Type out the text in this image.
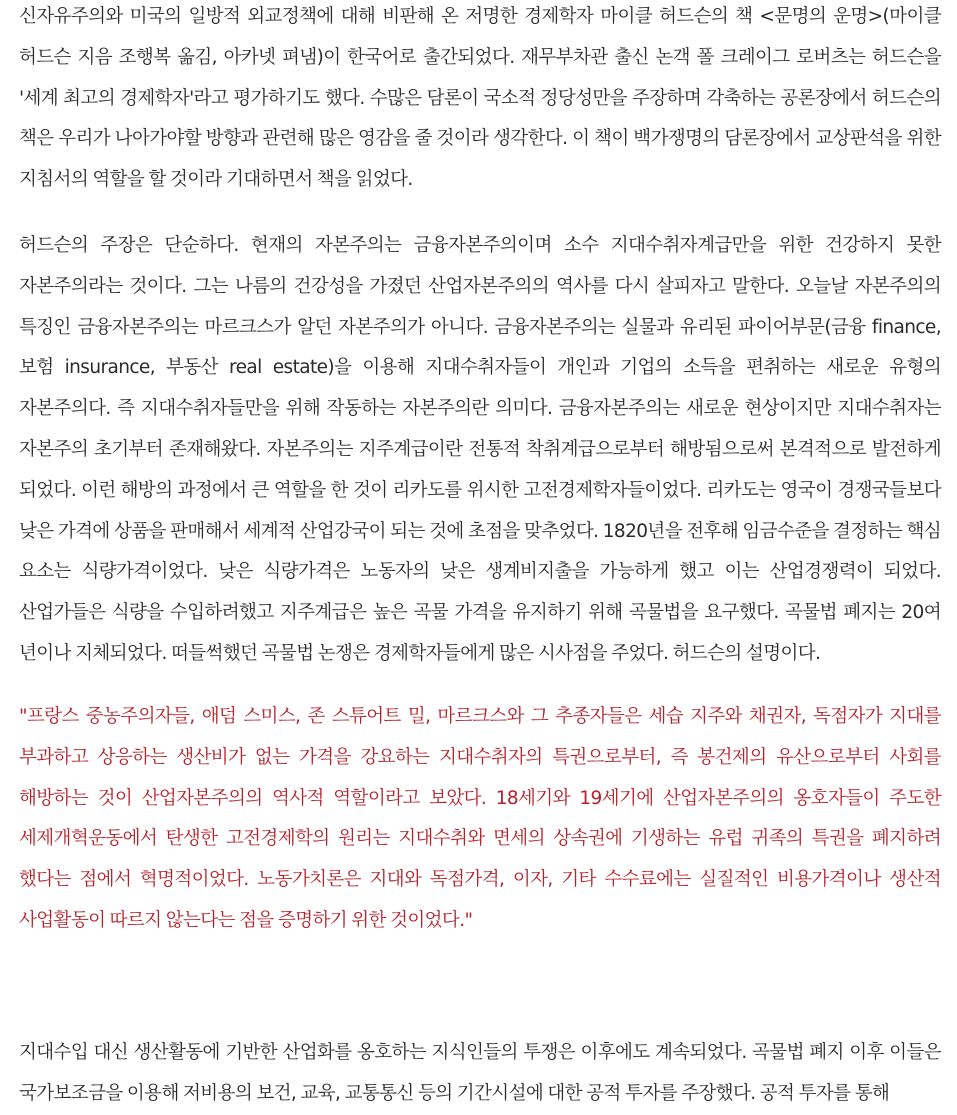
신자유주의와 미국의 일방적 외교정책에 대해 비판해 온 저명한 경제학자 마이클 허드슨의 책 <문명의 운명>(마이클 허드슨 지음 조행복 옮김, 아카넷 펴냄)이 한국어로 출간되었다. 재무부차관 출신 논객 폴 크레이그 로버츠는 허드슨을 '세계 최고의 경제학자'라고 평가하기도 했다. 수많은 담론이 국소적 정당성만을 주장하며 각축하는 공론장에서 허드슨의 책은 우리가 나아가야할 방향과 관련해 많은 영감을 줄 것이라 생각한다. 이 책이 백가쟁명의 담론장에서 교상판석을 위한 지침서의 역할을 할 것이라 기대하면서 책을 읽었다.

허드슨의 주장은 단순하다. 현재의 자본주의는 금융자본주의이며 소수 지대수취자계급만을 위한 건강하지 못한 자본주의라는 것이다. 그는 나름의 건강성을 가졌던 산업자본주의의 역사를 다시 살피자고 말한다. 오늘날 자본주의의 특징인 금융자본주의는 마르크스가 알던 자본주의가 아니다. 금융자본주의는 실물과 유리된 파이어부문(금융 finance, 보험 insurance, 부동산 real estate)을 이용해 지대수취자들이 개인과 기업의 소득을 편취하는 새로운 유형의 자본주의다. 즉 지대수취자들만을 위해 작동하는 자본주의란 의미다. 금융자본주의는 새로운 현상이지만 지대수취자는 자본주의 초기부터 존재해왔다. 자본주의는 지주계급이란 전통적 착취계급으로부터 해방됨으로써 본격적으로 발전하게 되었다. 이런 해방의 과정에서 큰 역할을 한 것이 리카도를 위시한 고전경제학자들이었다. 리카도는 영국이 경쟁국들보다 낮은 가격에 상품을 판매해서 세계적 산업강국이 되는 것에 초점을 맞추었다. 1820년을 전후해 임금수준을 결정하는 핵심 요소는 식량가격이었다. 낮은 식량가격은 노동자의 낮은 생계비지출을 가능하게 했고 이는 산업경쟁력이 되었다. 산업가들은 식량을 수입하려했고 지주계급은 높은 곡물 가격을 유지하기 위해 곡물법을 요구했다. 곡물법 폐지는 20여 년이나 지체되었다. 떠들썩했던 곡물법 논쟁은 경제학자들에게 많은 시사점을 주었다. 허드슨의 설명이다.

"프랑스 중농주의자들, 애덤 스미스, 존 스튜어트 밀, 마르크스와 그 추종자들은 세습 지주와 채권자, 독점자가 지대를 부과하고 상응하는 생산비가 없는 가격을 강요하는 지대수취자의 특권으로부터, 즉 봉건제의 유산으로부터 사회를 해방하는 것이 산업자본주의의 역사적 역할이라고 보았다. 18세기와 19세기에 산업자본주의의 옹호자들이 주도한 세제개혁운동에서 탄생한 고전경제학의 원리는 지대수취와 면세의 상속권에 기생하는 유럽 귀족의 특권을 폐지하려 했다는 점에서 혁명적이었다. 노동가치론은 지대와 독점가격, 이자, 기타 수수료에는 실질적인 비용가격이나 생산적 사업활동이 따르지 않는다는 점을 증명하기 위한 것이었다."

지대수입 대신 생산활동에 기반한 산업화를 옹호하는 지식인들의 투쟁은 이후에도 계속되었다. 곡물법 폐지 이후 이들은 국가보조금을 이용해 저비용의 보건, 교육, 교통통신 등의 기간시설에 대한 공적 투자를 주장했다. 공적 투자를 통해
